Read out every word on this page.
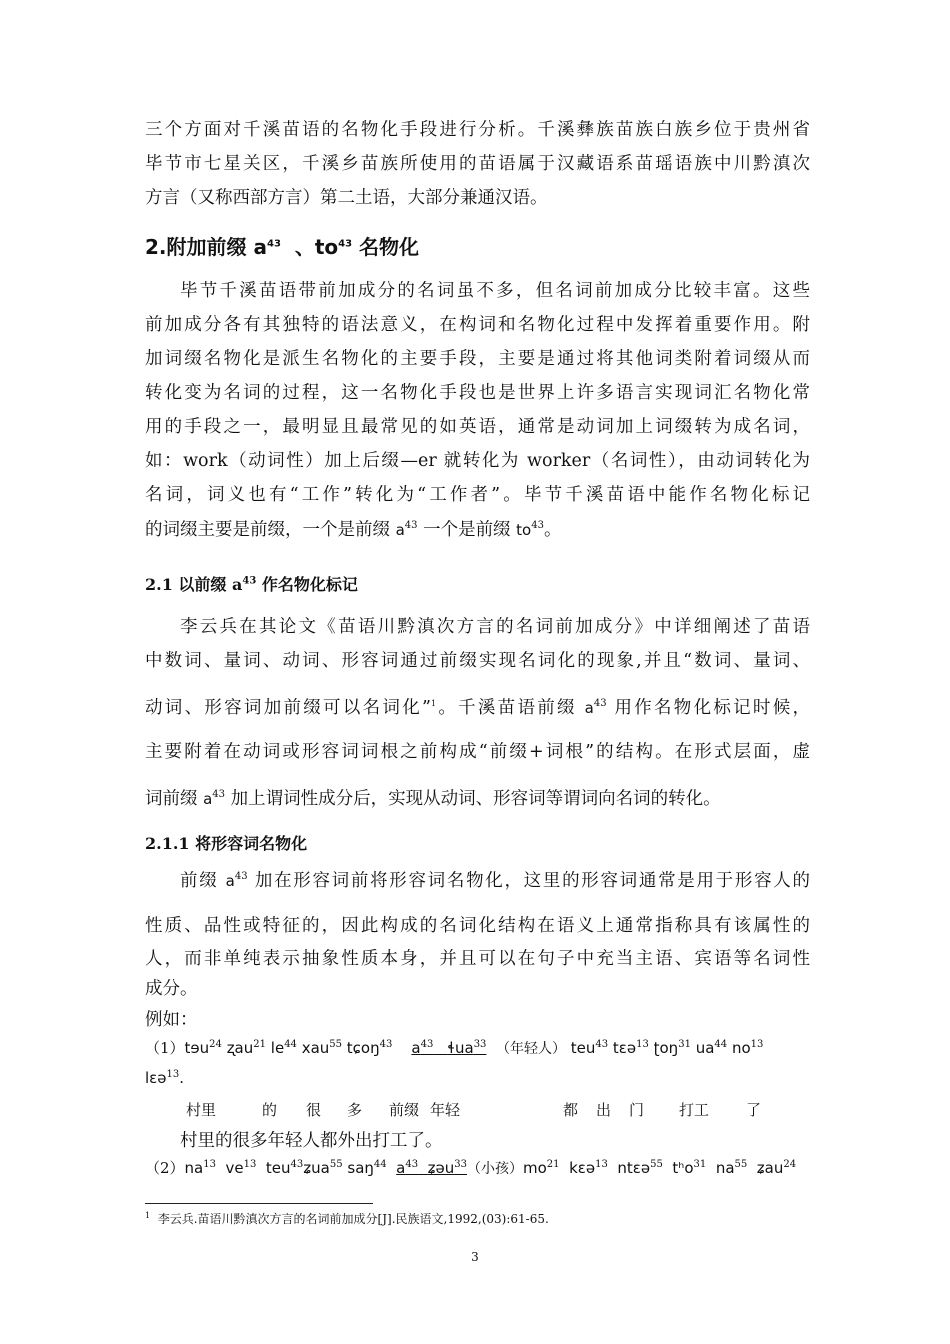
三个方面对千溪苗语的名物化手段进行分析。千溪彝族苗族白族乡位于贵州省
毕节市七星关区，千溪乡苗族所使用的苗语属于汉藏语系苗瑶语族中川黔滇次
方言（又称西部方言）第二土语，大部分兼通汉语。
2.附加前缀 $a^{43}$  、$to^{43}$ 名物化
毕节千溪苗语带前加成分的名词虽不多，但名词前加成分比较丰富。这些
前加成分各有其独特的语法意义，在构词和名物化过程中发挥着重要作用。附
加词缀名物化是派生名物化的主要手段，主要是通过将其他词类附着词缀从而
转化变为名词的过程，这一名物化手段也是世界上许多语言实现词汇名物化常
用的手段之一，最明显且最常见的如英语，通常是动词加上词缀转为成名词，
如：work（动词性）加上后缀—er 就转化为 worker（名词性），由动词转化为
名词，词义也有“工作”转化为“工作者”。毕节千溪苗语中能作名物化标记
的词缀主要是前缀，一个是前缀 $a^{43}$ 一个是前缀 $to^{43}$。
2.1 以前缀 $a^{43}$ 作名物化标记
李云兵在其论文《苗语川黔滇次方言的名词前加成分》中详细阐述了苗语
中数词、量词、动词、形容词通过前缀实现名词化的现象,并且“数词、量词、
动词、形容词加前缀可以名词化”$^1$。千溪苗语前缀 $a^{43}$ 用作名物化标记时候，
主要附着在动词或形容词词根之前构成“前缀+词根”的结构。在形式层面，虚
词前缀 $a^{43}$ 加上谓词性成分后，实现从动词、形容词等谓词向名词的转化。
2.1.1 将形容词名物化
前缀 $a^{43}$ 加在形容词前将形容词名物化，这里的形容词通常是用于形容人的
性质、品性或特征的，因此构成的名词化结构在语义上通常指称具有该属性的
人，而非单纯表示抽象性质本身，并且可以在句子中充当主语、宾语等名词性
成分。
例如：
（1）tɘu$^{24}$ ʐau$^{21}$ $le^{44}$ xau$^{55}$ tɕoŋ$^{43}$ $a^{43}$ ɬua$^{33}$ （年轻人） teu$^{43}$ tɛə$^{13}$ ʈoŋ$^{31}$ $ua^{44}$ $no^{13}$
lɛə$^{13}$.
村里	的 很 多 前缀 年轻	都 出 门 打工 了
村里的很多年轻人都外出打工了。
$(2)na^{13}$ $ve^{13}$ teu$^{43}$ʑua$^{55}$ saŋ$^{44}$ $a^{43}$ ʑəu$^{33}$（小孩）$mo^{21}$ kɛə$^{13}$ ntɛə$^{55}$ tʰo$^{31}$ $na^{55}$ ʑau$^{24}$
$^1$ 李云兵.苗语川黔滇次方言的名词前加成分[J].民族语文,1992,(03):61-65.
3
